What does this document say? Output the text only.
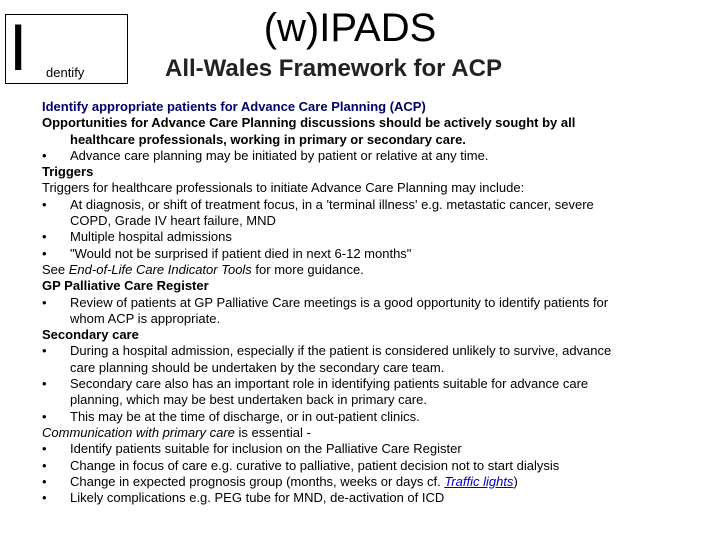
I dentify
(w)IPADS
All-Wales Framework for ACP

Identify appropriate patients for Advance Care Planning (ACP)

Opportunities for Advance Care Planning discussions should be actively sought by all

healthcare professionals, working in primary or secondary care.

• Advance care planning may be initiated by patient or relative at any time.

Triggers

Triggers for healthcare professionals to initiate Advance Care Planning may include:

• At diagnosis, or shift of treatment focus, in a 'terminal illness' e.g. metastatic cancer, severe

COPD, Grade IV heart failure, MND

• Multiple hospital admissions
• "Would not be surprised if patient died in next 6-12 months"

See End-of-Life Care Indicator Tools for more guidance.

GP Palliative Care Register

• Review of patients at GP Palliative Care meetings is a good opportunity to identify patients for

whom ACP is appropriate.

Secondary care

• During a hospital admission, especially if the patient is considered unlikely to survive, advance

care planning should be undertaken by the secondary care team.

• Secondary care also has an important role in identifying patients suitable for advance care

planning, which may be best undertaken back in primary care.

• This may be at the time of discharge, or in out-patient clinics.

Communication with primary care is essential -

• Identify patients suitable for inclusion on the Palliative Care Register
• Change in focus of care e.g. curative to palliative, patient decision not to start dialysis
• Change in expected prognosis group (months, weeks or days cf. Traffic lights)
• Likely complications e.g. PEG tube for MND, de-activation of ICD
